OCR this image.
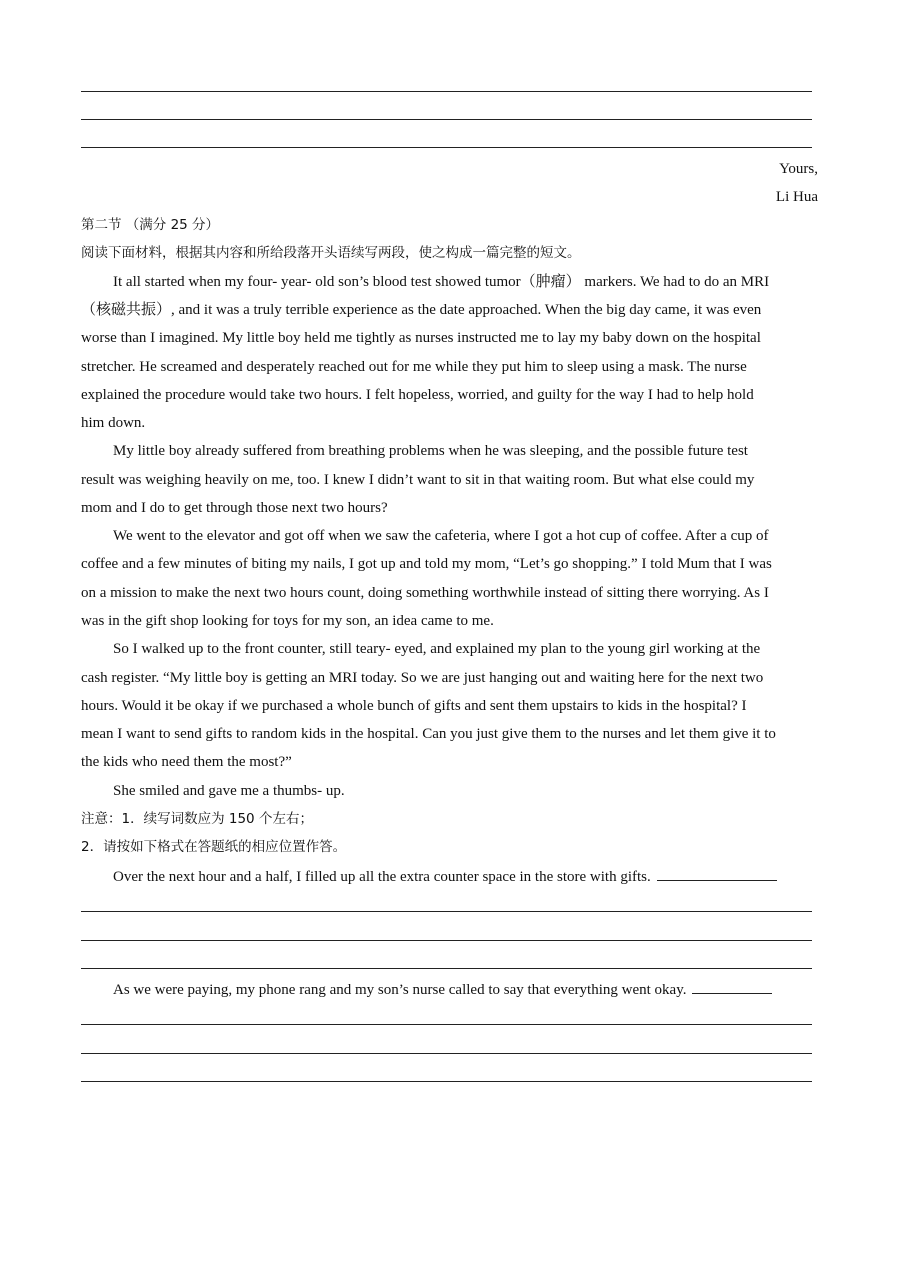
Yours,
Li Hua
第二节 （满分 25 分）
阅读下面材料，根据其内容和所给段落开头语续写两段，使之构成一篇完整的短文。
It all started when my four- year- old son’s blood test showed tumor（肿瘤） markers. We had to do an MRI
（核磁共振）, and it was a truly terrible experience as the date approached. When the big day came, it was even
worse than I imagined. My little boy held me tightly as nurses instructed me to lay my baby down on the hospital
stretcher. He screamed and desperately reached out for me while they put him to sleep using a mask. The nurse
explained the procedure would take two hours. I felt hopeless, worried, and guilty for the way I had to help hold
him down.
My little boy already suffered from breathing problems when he was sleeping, and the possible future test
result was weighing heavily on me, too. I knew I didn’t want to sit in that waiting room. But what else could my
mom and I do to get through those next two hours?
We went to the elevator and got off when we saw the cafeteria, where I got a hot cup of coffee. After a cup of
coffee and a few minutes of biting my nails, I got up and told my mom, “Let’s go shopping.” I told Mum that I was
on a mission to make the next two hours count, doing something worthwhile instead of sitting there worrying. As I
was in the gift shop looking for toys for my son, an idea came to me.
So I walked up to the front counter, still teary- eyed, and explained my plan to the young girl working at the
cash register. “My little boy is getting an MRI today. So we are just hanging out and waiting here for the next two
hours. Would it be okay if we purchased a whole bunch of gifts and sent them upstairs to kids in the hospital? I
mean I want to send gifts to random kids in the hospital. Can you just give them to the nurses and let them give it to
the kids who need them the most?”
She smiled and gave me a thumbs- up.
注意：1．续写词数应为 150 个左右；
2．请按如下格式在答题纸的相应位置作答。
Over the next hour and a half, I filled up all the extra counter space in the store with gifts.
As we were paying, my phone rang and my son’s nurse called to say that everything went okay.
